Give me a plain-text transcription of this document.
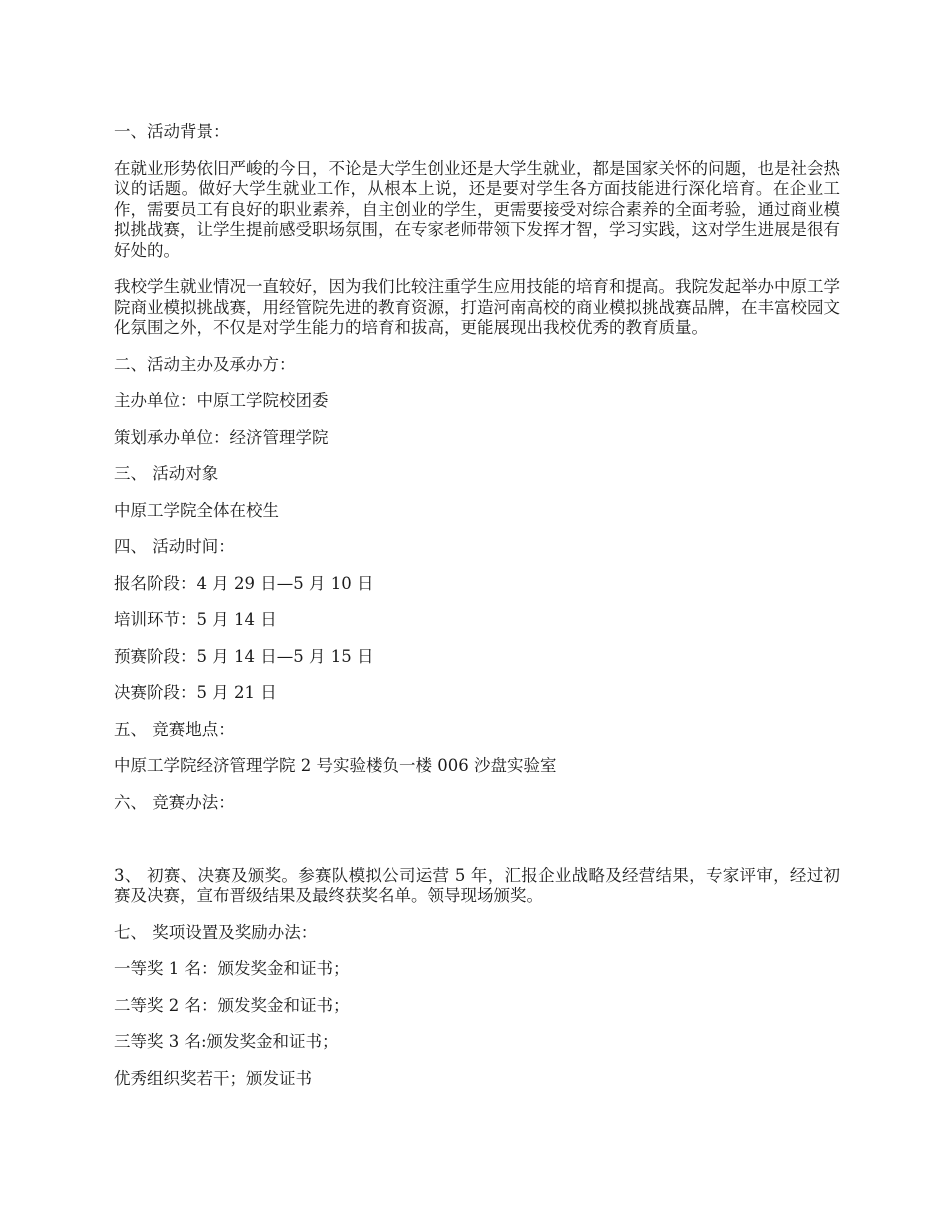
一、活动背景：

在就业形势依旧严峻的今日，不论是大学生创业还是大学生就业，都是国家关怀的问题，也是社会热议的话题。做好大学生就业工作，从根本上说，还是要对学生各方面技能进行深化培育。在企业工作，需要员工有良好的职业素养，自主创业的学生，更需要接受对综合素养的全面考验，通过商业模拟挑战赛，让学生提前感受职场氛围，在专家老师带领下发挥才智，学习实践，这对学生进展是很有好处的。

我校学生就业情况一直较好，因为我们比较注重学生应用技能的培育和提高。我院发起举办中原工学院商业模拟挑战赛，用经管院先进的教育资源，打造河南高校的商业模拟挑战赛品牌，在丰富校园文化氛围之外，不仅是对学生能力的培育和拔高，更能展现出我校优秀的教育质量。

二、活动主办及承办方：

主办单位：中原工学院校团委

策划承办单位：经济管理学院

三、 活动对象

中原工学院全体在校生

四、 活动时间：

报名阶段：4 月 29 日—5 月 10 日

培训环节：5 月 14 日

预赛阶段：5 月 14 日—5 月 15 日

决赛阶段：5 月 21 日

五、 竞赛地点：

中原工学院经济管理学院 2 号实验楼负一楼 006 沙盘实验室

六、 竞赛办法：

3、 初赛、决赛及颁奖。参赛队模拟公司运营 5 年，汇报企业战略及经营结果，专家评审，经过初赛及决赛，宣布晋级结果及最终获奖名单。领导现场颁奖。

七、 奖项设置及奖励办法：

一等奖 1 名：颁发奖金和证书；

二等奖 2 名：颁发奖金和证书；

三等奖 3 名:颁发奖金和证书；

优秀组织奖若干；颁发证书
